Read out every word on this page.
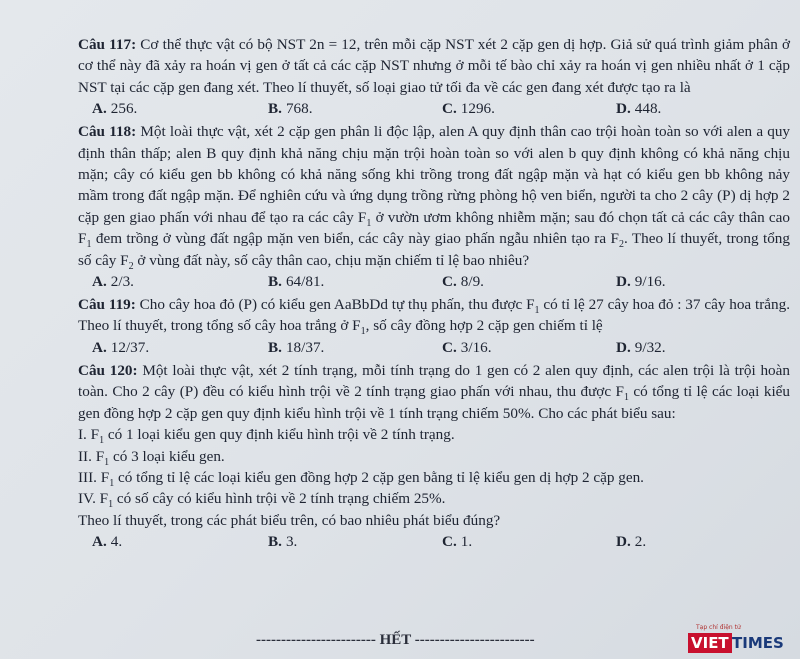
Câu 117: Cơ thể thực vật có bộ NST 2n = 12, trên mỗi cặp NST xét 2 cặp gen dị hợp. Giả sử quá trình giảm phân ở cơ thể này đã xảy ra hoán vị gen ở tất cả các cặp NST nhưng ở mỗi tế bào chỉ xảy ra hoán vị gen nhiều nhất ở 1 cặp NST tại các cặp gen đang xét. Theo lí thuyết, số loại giao tử tối đa về các gen đang xét được tạo ra là

A. 256.	B. 768.	C. 1296.	D. 448.

Câu 118: Một loài thực vật, xét 2 cặp gen phân li độc lập, alen A quy định thân cao trội hoàn toàn so với alen a quy định thân thấp; alen B quy định khả năng chịu mặn trội hoàn toàn so với alen b quy định không có khả năng chịu mặn; cây có kiểu gen bb không có khả năng sống khi trồng trong đất ngập mặn và hạt có kiểu gen bb không nảy mầm trong đất ngập mặn. Để nghiên cứu và ứng dụng trồng rừng phòng hộ ven biển, người ta cho 2 cây (P) dị hợp 2 cặp gen giao phấn với nhau để tạo ra các cây $F_1$ ở vườn ươm không nhiễm mặn; sau đó chọn tất cả các cây thân cao $F_1$ đem trồng ở vùng đất ngập mặn ven biển, các cây này giao phấn ngẫu nhiên tạo ra $F_2$. Theo lí thuyết, trong tổng số cây $F_2$ ở vùng đất này, số cây thân cao, chịu mặn chiếm tỉ lệ bao nhiêu?

A. 2/3.	B. 64/81.	C. 8/9.	D. 9/16.

Câu 119: Cho cây hoa đỏ (P) có kiểu gen AaBbDd tự thụ phấn, thu được $F_1$ có tỉ lệ 27 cây hoa đỏ : 37 cây hoa trắng. Theo lí thuyết, trong tổng số cây hoa trắng ở $F_1$, số cây đồng hợp 2 cặp gen chiếm tỉ lệ

A. 12/37.	B. 18/37.	C. 3/16.	D. 9/32.

Câu 120: Một loài thực vật, xét 2 tính trạng, mỗi tính trạng do 1 gen có 2 alen quy định, các alen trội là trội hoàn toàn. Cho 2 cây (P) đều có kiểu hình trội về 2 tính trạng giao phấn với nhau, thu được $F_1$ có tổng tỉ lệ các loại kiểu gen đồng hợp 2 cặp gen quy định kiểu hình trội về 1 tính trạng chiếm 50%. Cho các phát biểu sau:

I. $F_1$ có 1 loại kiểu gen quy định kiểu hình trội về 2 tính trạng.

II. $F_1$ có 3 loại kiểu gen.

III. $F_1$ có tổng tỉ lệ các loại kiểu gen đồng hợp 2 cặp gen bằng tỉ lệ kiểu gen dị hợp 2 cặp gen.

IV. $F_1$ có số cây có kiểu hình trội về 2 tính trạng chiếm 25%.

Theo lí thuyết, trong các phát biểu trên, có bao nhiêu phát biểu đúng?

A. 4.	B. 3.	C. 1.	D. 2.
------------------------ HẾT ------------------------
Tạp chí điện tử
VIET TIMES
